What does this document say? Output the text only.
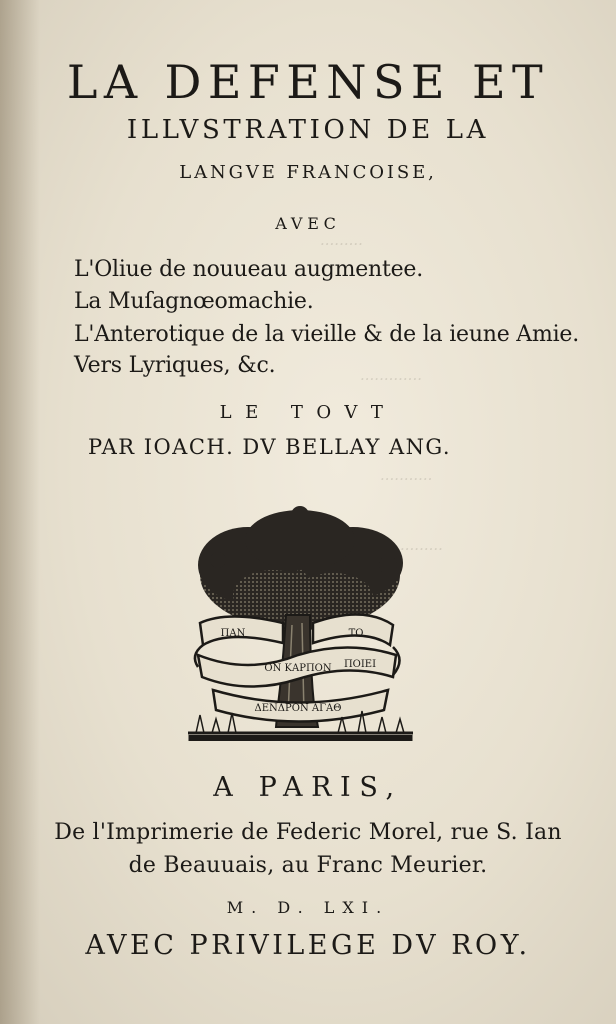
·········
·············
···········
·········
LA DEFENSE ET
ILLVSTRATION DE LA
LANGVE FRANCOISE,
AVEC
L'Oliue de nouueau augmentee.
La Muſagnœomachie.
L'Anterotique de la vieille & de la ieune Amie.
Vers Lyriques, &c.
LE TOVT
PAR IOACH. DV BELLAY ANG.
ΠΑΝ	ΤΟ
ΟΝ ΚΑΡΠΟΝ ΠΟΙΕΙ
ΔΕΝΔΡΟΝ ΑΓΑΘ
A PARIS,
De l'Imprimerie de Federic Morel, rue S. Ian
de Beauuais, au Franc Meurier.
M. D. LXI.
AVEC PRIVILEGE DV ROY.
